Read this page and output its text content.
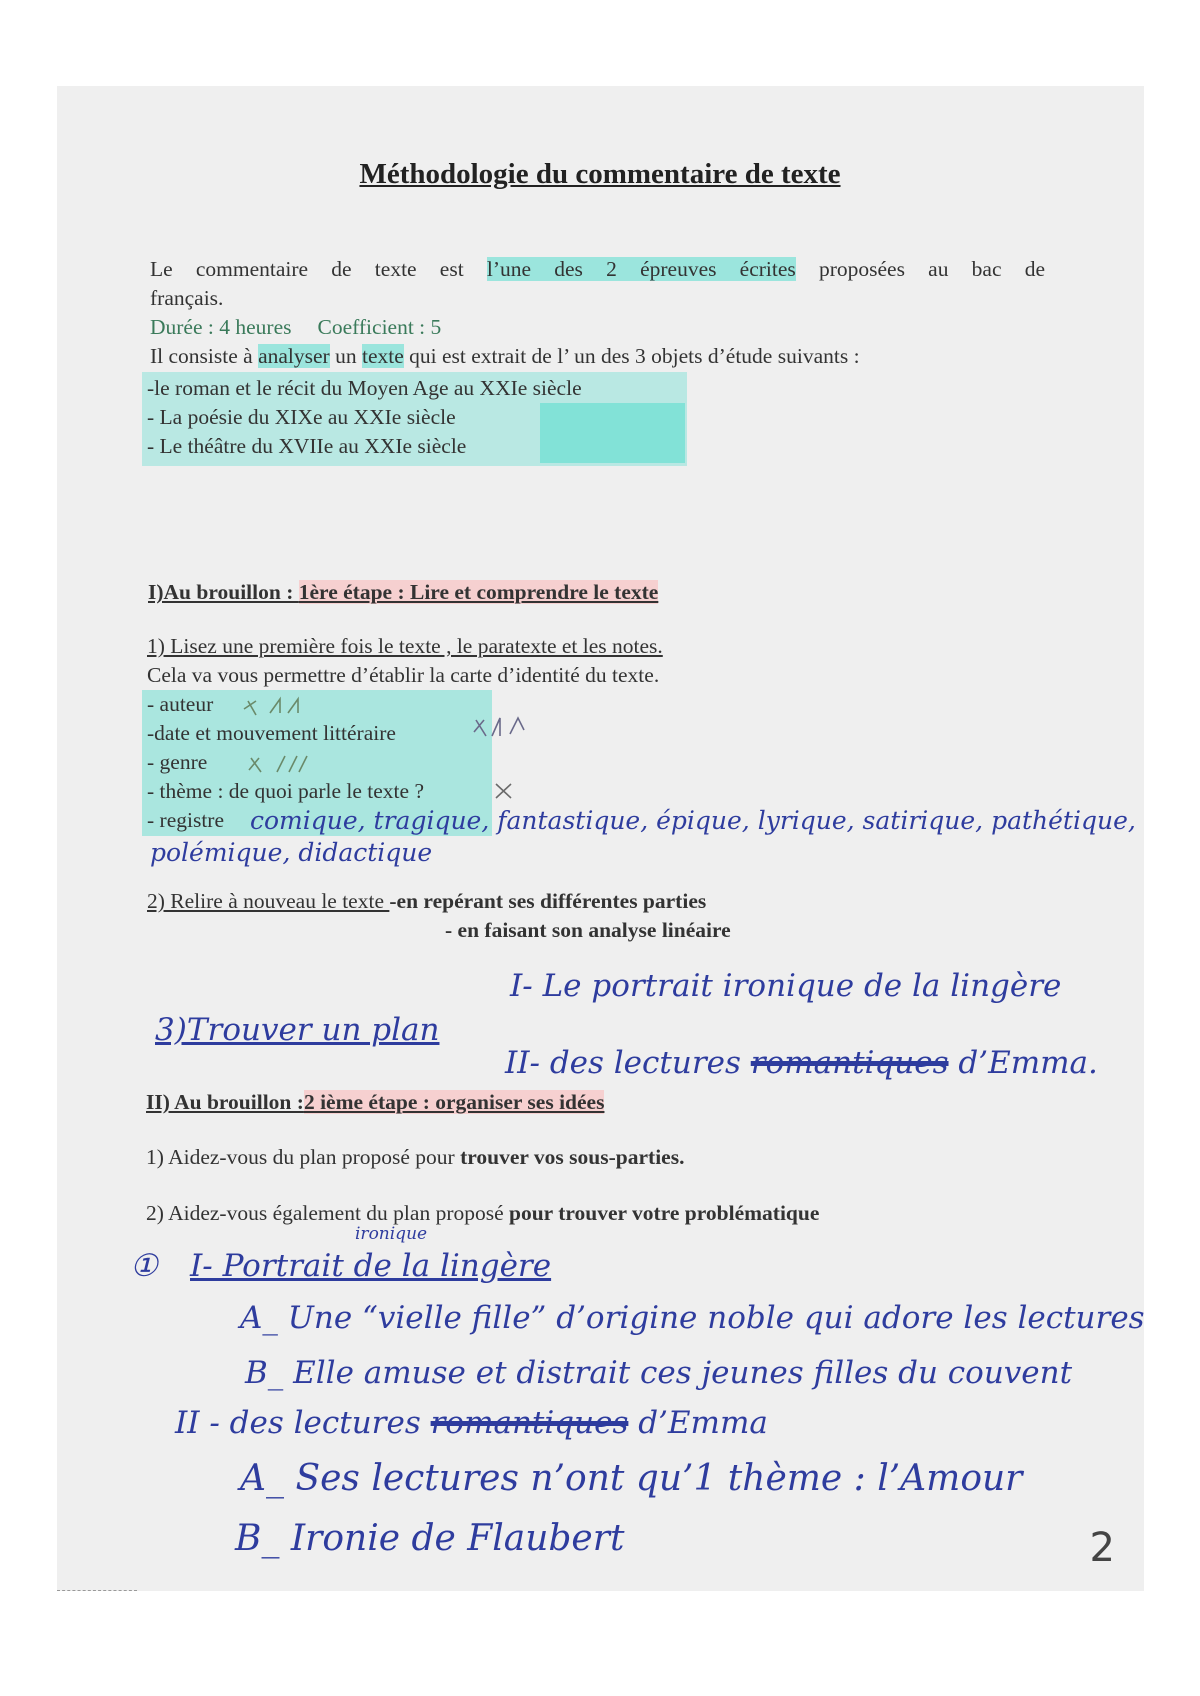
Méthodologie du commentaire de texte
Le commentaire de texte est l’une des 2 épreuves écrites proposées au bac de
français.
Durée : 4 heures Coefficient : 5
Il consiste à analyser un texte qui est extrait de l’ un des 3 objets d’étude suivants :
-le roman et le récit du Moyen Age au XXIe siècle
- La poésie du XIXe au XXIe siècle
- Le théâtre du XVIIe au XXIe siècle
I)Au brouillon : 1ère étape : Lire et comprendre le texte
1) Lisez une première fois le texte , le paratexte et les notes.
Cela va vous permettre d’établir la carte d’identité du texte.
- auteur
-date et mouvement littéraire
- genre
- thème : de quoi parle le texte ?
- registre comique, tragique, fantastique, épique, lyrique, satirique, pathétique,
polémique, didactique
2) Relire à nouveau le texte -en repérant ses différentes parties
- en faisant son analyse linéaire
I- Le portrait ironique de la lingère
3)Trouver un plan
II- des lectures romantiques d’Emma.
II) Au brouillon :2 ième étape : organiser ses idées
1) Aidez-vous du plan proposé pour trouver vos sous-parties.
2) Aidez-vous également du plan proposé pour trouver votre problématique
ironique
① I- Portrait de la lingère
A_ Une “vielle fille” d’origine noble qui adore les lectures
B_ Elle amuse et distrait ces jeunes filles du couvent
II - des lectures romantiques d’Emma
A_ Ses lectures n’ont qu’1 thème : l’Amour
B_ Ironie de Flaubert	2
